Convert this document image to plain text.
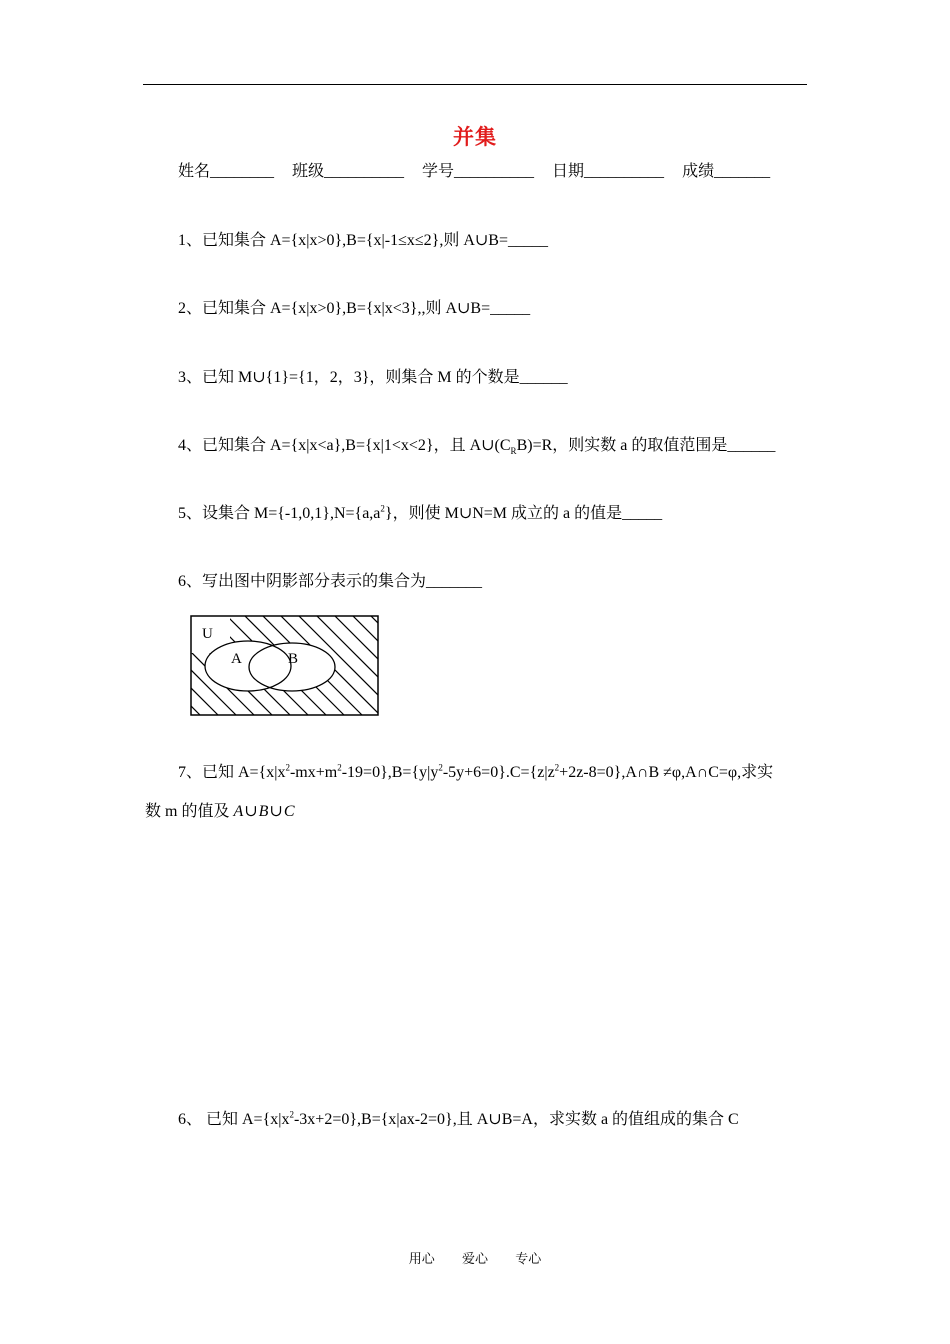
并集
姓名________ 班级__________ 学号__________ 日期__________ 成绩_______
1、已知集合 A={x|x>0},B={x|-1≤x≤2},则 A∪B=_____
2、已知集合 A={x|x>0},B={x|x<3},,则 A∪B=_____
3、已知 M∪{1}={1，2，3}，则集合 M 的个数是______
4、已知集合 A={x|x<a},B={x|1<x<2}，且 $A\cup(C_RB)=R$，则实数 a 的取值范围是______
5、设集合 $M=\{-1,0,1\},N=\{a,a^2\}$，则使 M∪N=M 成立的 a 的值是_____
6、写出图中阴影部分表示的集合为_______
U
A	B
7、已知 $A=\{x|x^2-mx+m^2-19=0\},B=\{y|y^2-5y+6=0\}.C=\{z|z^2+2z-8=0\},A\cap B$ ≠φ,A∩C=φ,求实
数 m 的值及 A∪B∪C
6、 已知 $A=\{x|x^2-3x+2=0\},B=\{x|ax-2=0\}$,且 A∪B=A，求实数 a 的值组成的集合 C
用心 爱心 专心
